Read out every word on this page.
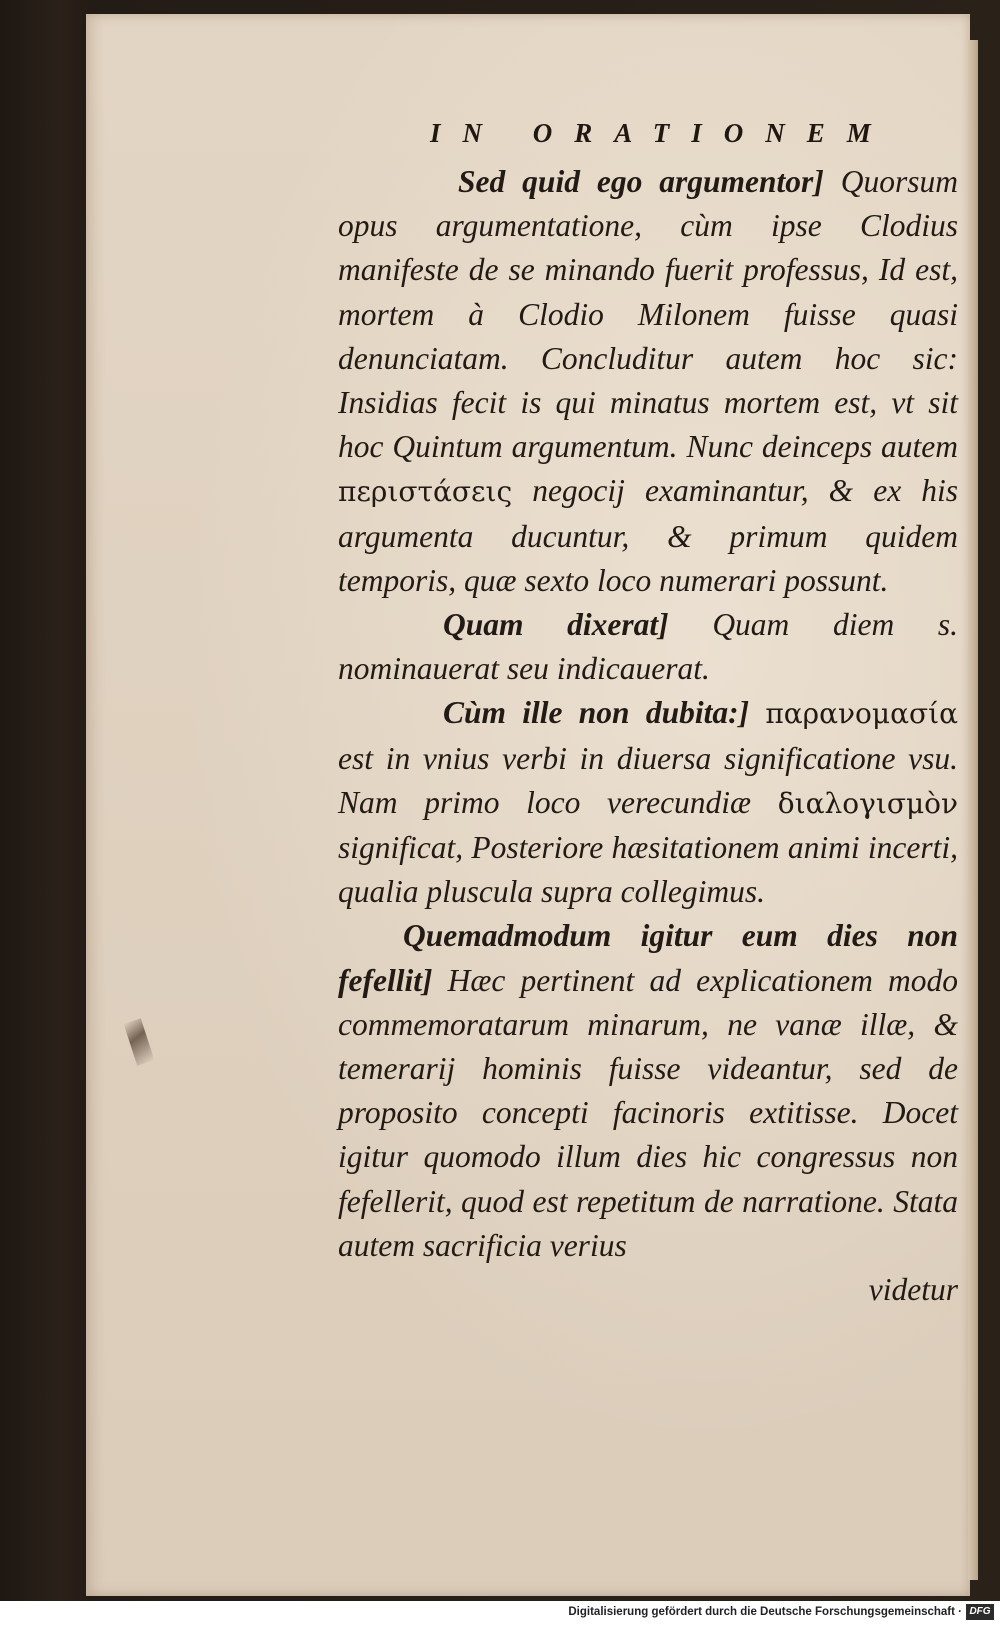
IN ORATIONEM

Sed quid ego argumentor] Quorsum opus argumentatione, cùm ipse Clodius manifeste de se minando fuerit professus, Id est, mortem à Clodio Milonem fuisse quasi denunciatam. Concluditur autem hoc sic: Insidias fecit is qui minatus mortem est, vt sit hoc Quintum argumentum. Nunc deinceps autem περιστάσεις negocij examinantur, & ex his argumenta ducuntur, & primum quidem temporis, quæ sexto loco numerari possunt.

Quam dixerat] Quam diem s. nominauerat seu indicauerat.

Cùm ille non dubita:] παρανομασία est in vnius verbi in diuersa significatione vsu. Nam primo loco verecundiæ διαλογισμὸν significat, Posteriore hæsitationem animi incerti, qualia pluscula supra collegimus.

Quemadmodum igitur eum dies non fefellit] Hæc pertinent ad explicationem modo commemoratarum minarum, ne vanæ illæ, & temerarij hominis fuisse videantur, sed de proposito concepti facinoris extitisse. Docet igitur quomodo illum dies hic congressus non fefellerit, quod est repetitum de narratione. Stata autem sacrificia verius

videtur

Digitalisierung gefördert durch die Deutsche Forschungsgemeinschaft · DFG
